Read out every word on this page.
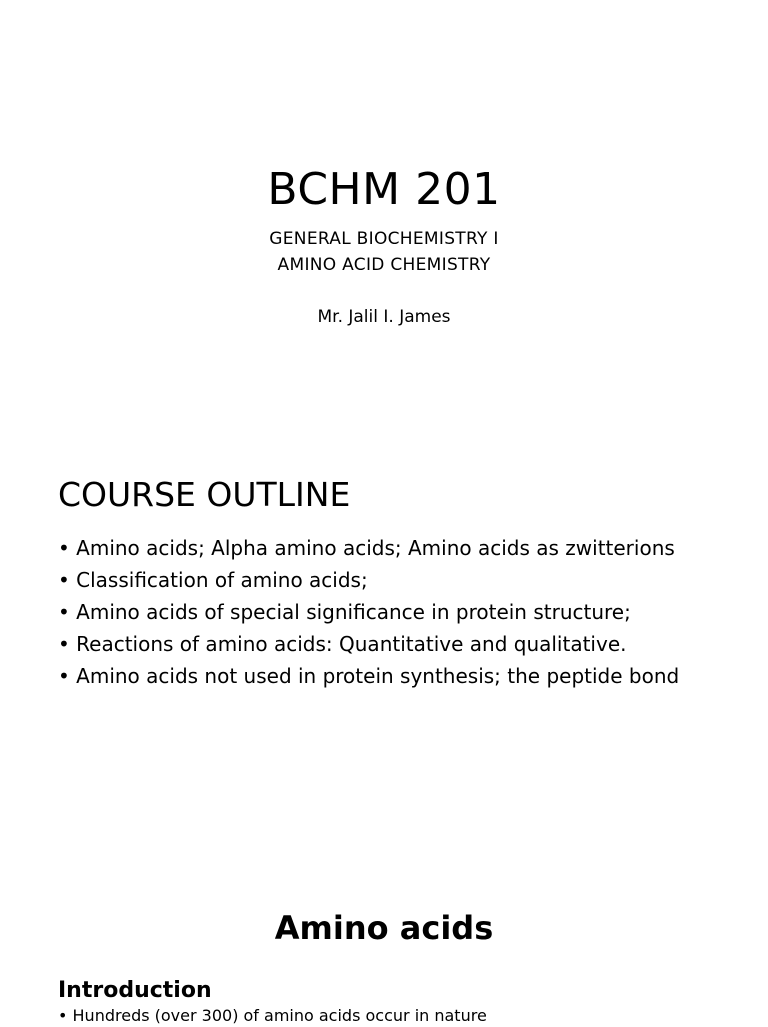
BCHM 201
GENERAL BIOCHEMISTRY I
AMINO ACID CHEMISTRY
Mr. Jalil I. James
COURSE OUTLINE
• Amino acids; Alpha amino acids; Amino acids as zwitterions
• Classification of amino acids;
• Amino acids of special significance in protein structure;
• Reactions of amino acids: Quantitative and qualitative.
• Amino acids not used in protein synthesis; the peptide bond
Amino acids
Introduction
• Hundreds (over 300) of amino acids occur in nature
